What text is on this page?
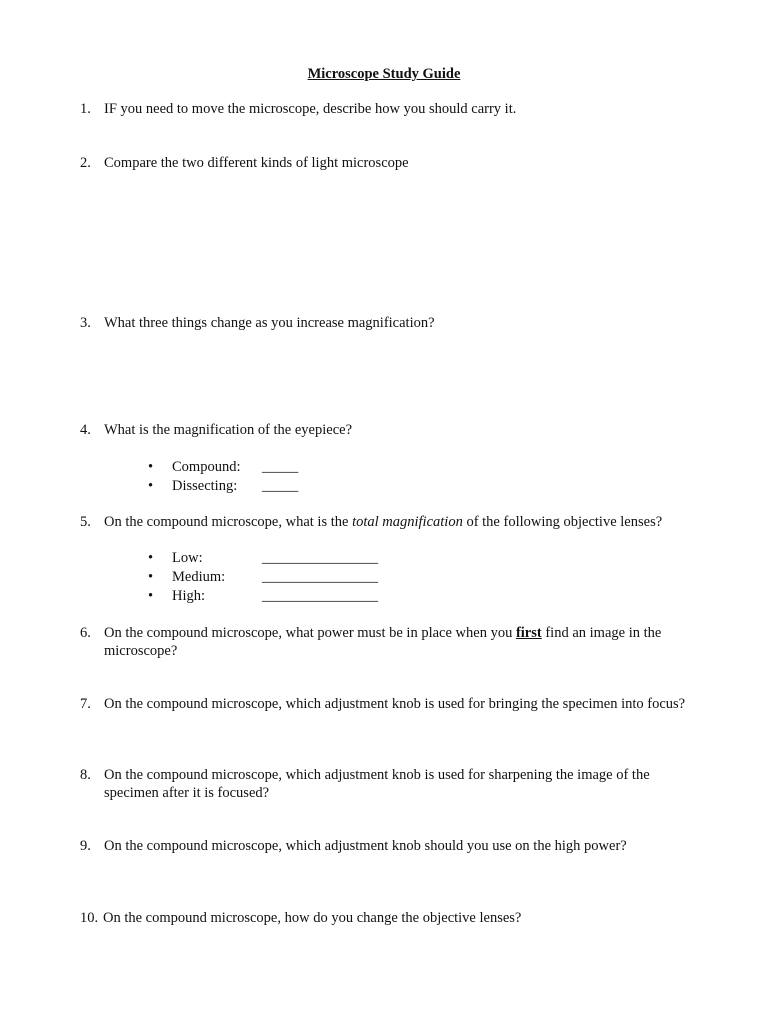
Microscope Study Guide
1. IF you need to move the microscope, describe how you should carry it.
2. Compare the two different kinds of light microscope
3. What three things change as you increase magnification?
4. What is the magnification of the eyepiece?
• Compound: _____
• Dissecting: _____
5. On the compound microscope, what is the total magnification of the following objective lenses?
• Low:	________________
• Medium:	________________
• High:	________________
6. On the compound microscope, what power must be in place when you first find an image in the microscope?
7. On the compound microscope, which adjustment knob is used for bringing the specimen into focus?
8. On the compound microscope, which adjustment knob is used for sharpening the image of the specimen after it is focused?
9. On the compound microscope, which adjustment knob should you use on the high power?
10. On the compound microscope, how do you change the objective lenses?
